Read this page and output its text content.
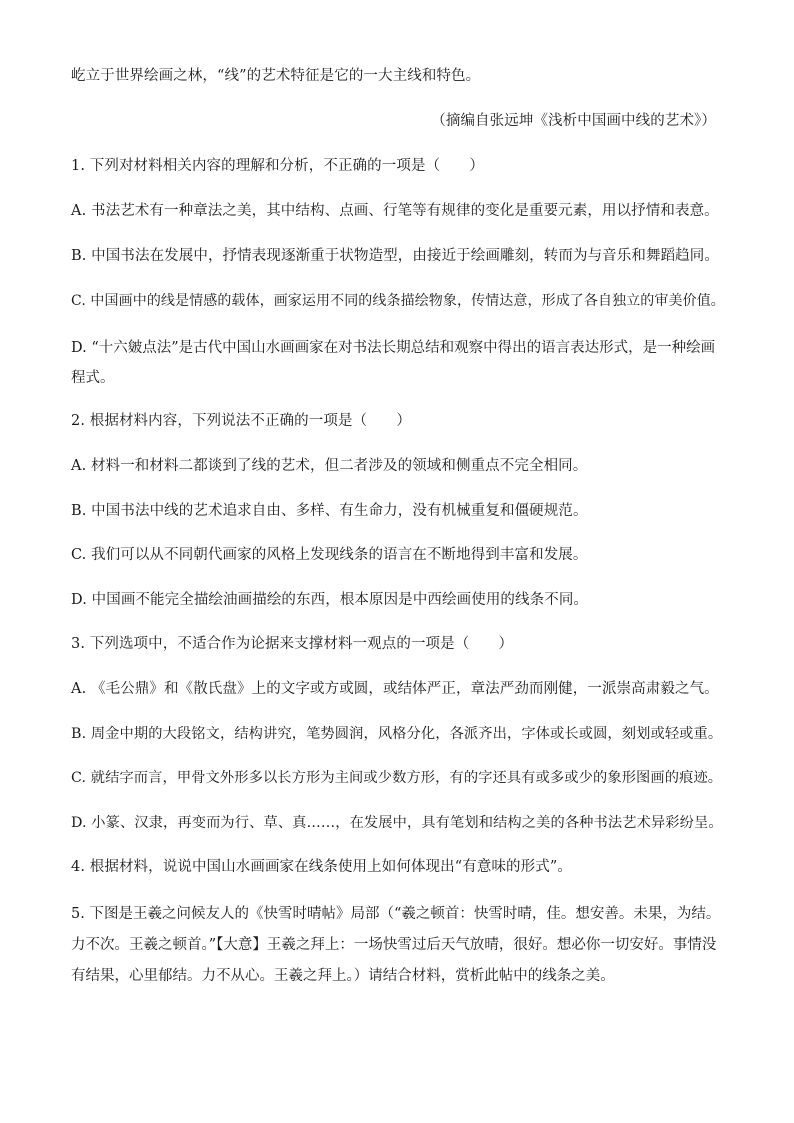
屹立于世界绘画之林，“线”的艺术特征是它的一大主线和特色。
（摘编自张远坤《浅析中国画中线的艺术》）
1. 下列对材料相关内容的理解和分析，不正确的一项是（　　）
A. 书法艺术有一种章法之美，其中结构、点画、行笔等有规律的变化是重要元素，用以抒情和表意。
B. 中国书法在发展中，抒情表现逐渐重于状物造型，由接近于绘画雕刻，转而为与音乐和舞蹈趋同。
C. 中国画中的线是情感的载体，画家运用不同的线条描绘物象，传情达意，形成了各自独立的审美价值。
D. “十六皴点法”是古代中国山水画画家在对书法长期总结和观察中得出的语言表达形式，是一种绘画程式。
2. 根据材料内容，下列说法不正确的一项是（　　）
A. 材料一和材料二都谈到了线的艺术，但二者涉及的领域和侧重点不完全相同。
B. 中国书法中线的艺术追求自由、多样、有生命力，没有机械重复和僵硬规范。
C. 我们可以从不同朝代画家的风格上发现线条的语言在不断地得到丰富和发展。
D. 中国画不能完全描绘油画描绘的东西，根本原因是中西绘画使用的线条不同。
3. 下列选项中，不适合作为论据来支撑材料一观点的一项是（　　）
A. 《毛公鼎》和《散氏盘》上的文字或方或圆，或结体严正，章法严劲而刚健，一派崇高肃毅之气。
B. 周金中期的大段铭文，结构讲究，笔势圆润，风格分化，各派齐出，字体或长或圆，刻划或轻或重。
C. 就结字而言，甲骨文外形多以长方形为主间或少数方形，有的字还具有或多或少的象形图画的痕迹。
D. 小篆、汉隶，再变而为行、草、真……，在发展中，具有笔划和结构之美的各种书法艺术异彩纷呈。
4. 根据材料，说说中国山水画画家在线条使用上如何体现出“有意味的形式”。
5. 下图是王羲之问候友人的《快雪时晴帖》局部（“羲之顿首：快雪时晴，佳。想安善。未果，为结。力不次。王羲之顿首。”【大意】王羲之拜上：一场快雪过后天气放晴，很好。想必你一切安好。事情没有结果，心里郁结。力不从心。王羲之拜上。）请结合材料，赏析此帖中的线条之美。
